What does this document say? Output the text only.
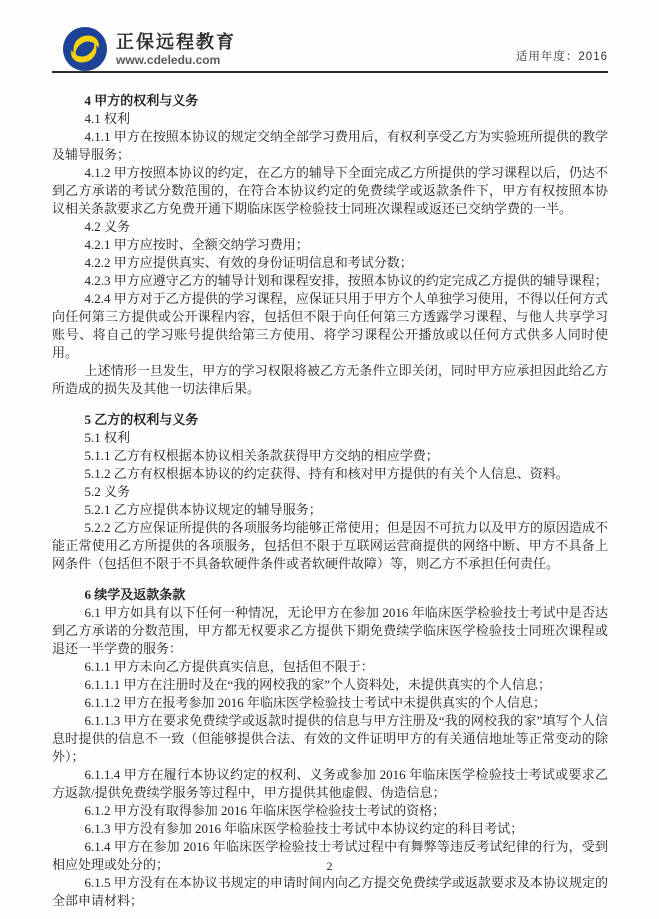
正保远程教育
www.cdeledu.com	适用年度：2016

4 甲方的权利与义务

4.1 权利

4.1.1 甲方在按照本协议的规定交纳全部学习费用后，有权利享受乙方为实验班所提供的教学及辅导服务；

4.1.2 甲方按照本协议的约定，在乙方的辅导下全面完成乙方所提供的学习课程以后，仍达不到乙方承诺的考试分数范围的，在符合本协议约定的免费续学或返款条件下，甲方有权按照本协议相关条款要求乙方免费开通下期临床医学检验技士同班次课程或返还已交纳学费的一半。

4.2 义务

4.2.1 甲方应按时、全额交纳学习费用；

4.2.2 甲方应提供真实、有效的身份证明信息和考试分数；

4.2.3 甲方应遵守乙方的辅导计划和课程安排，按照本协议的约定完成乙方提供的辅导课程；

4.2.4 甲方对于乙方提供的学习课程，应保证只用于甲方个人单独学习使用，不得以任何方式向任何第三方提供或公开课程内容，包括但不限于向任何第三方透露学习课程、与他人共享学习账号、将自己的学习账号提供给第三方使用、将学习课程公开播放或以任何方式供多人同时使用。

上述情形一旦发生，甲方的学习权限将被乙方无条件立即关闭，同时甲方应承担因此给乙方所造成的损失及其他一切法律后果。

5 乙方的权利与义务

5.1 权利

5.1.1 乙方有权根据本协议相关条款获得甲方交纳的相应学费；

5.1.2 乙方有权根据本协议的约定获得、持有和核对甲方提供的有关个人信息、资料。

5.2 义务

5.2.1 乙方应提供本协议规定的辅导服务；

5.2.2 乙方应保证所提供的各项服务均能够正常使用；但是因不可抗力以及甲方的原因造成不能正常使用乙方所提供的各项服务，包括但不限于互联网运营商提供的网络中断、甲方不具备上网条件（包括但不限于不具备软硬件条件或者软硬件故障）等，则乙方不承担任何责任。

6 续学及返款条款

6.1 甲方如具有以下任何一种情况，无论甲方在参加 2016 年临床医学检验技士考试中是否达到乙方承诺的分数范围，甲方都无权要求乙方提供下期免费续学临床医学检验技士同班次课程或退还一半学费的服务：

6.1.1 甲方未向乙方提供真实信息，包括但不限于：

6.1.1.1 甲方在注册时及在“我的网校我的家”个人资料处，未提供真实的个人信息；

6.1.1.2 甲方在报考参加 2016 年临床医学检验技士考试中未提供真实的个人信息；

6.1.1.3 甲方在要求免费续学或返款时提供的信息与甲方注册及“我的网校我的家”填写个人信息时提供的信息不一致（但能够提供合法、有效的文件证明甲方的有关通信地址等正常变动的除外）；

6.1.1.4 甲方在履行本协议约定的权利、义务或参加 2016 年临床医学检验技士考试或要求乙方返款/提供免费续学服务等过程中，甲方提供其他虚假、伪造信息；

6.1.2 甲方没有取得参加 2016 年临床医学检验技士考试的资格；

6.1.3 甲方没有参加 2016 年临床医学检验技士考试中本协议约定的科目考试；

6.1.4 甲方在参加 2016 年临床医学检验技士考试过程中有舞弊等违反考试纪律的行为，受到相应处理或处分的；

6.1.5 甲方没有在本协议书规定的申请时间内向乙方提交免费续学或返款要求及本协议规定的全部申请材料；

2
